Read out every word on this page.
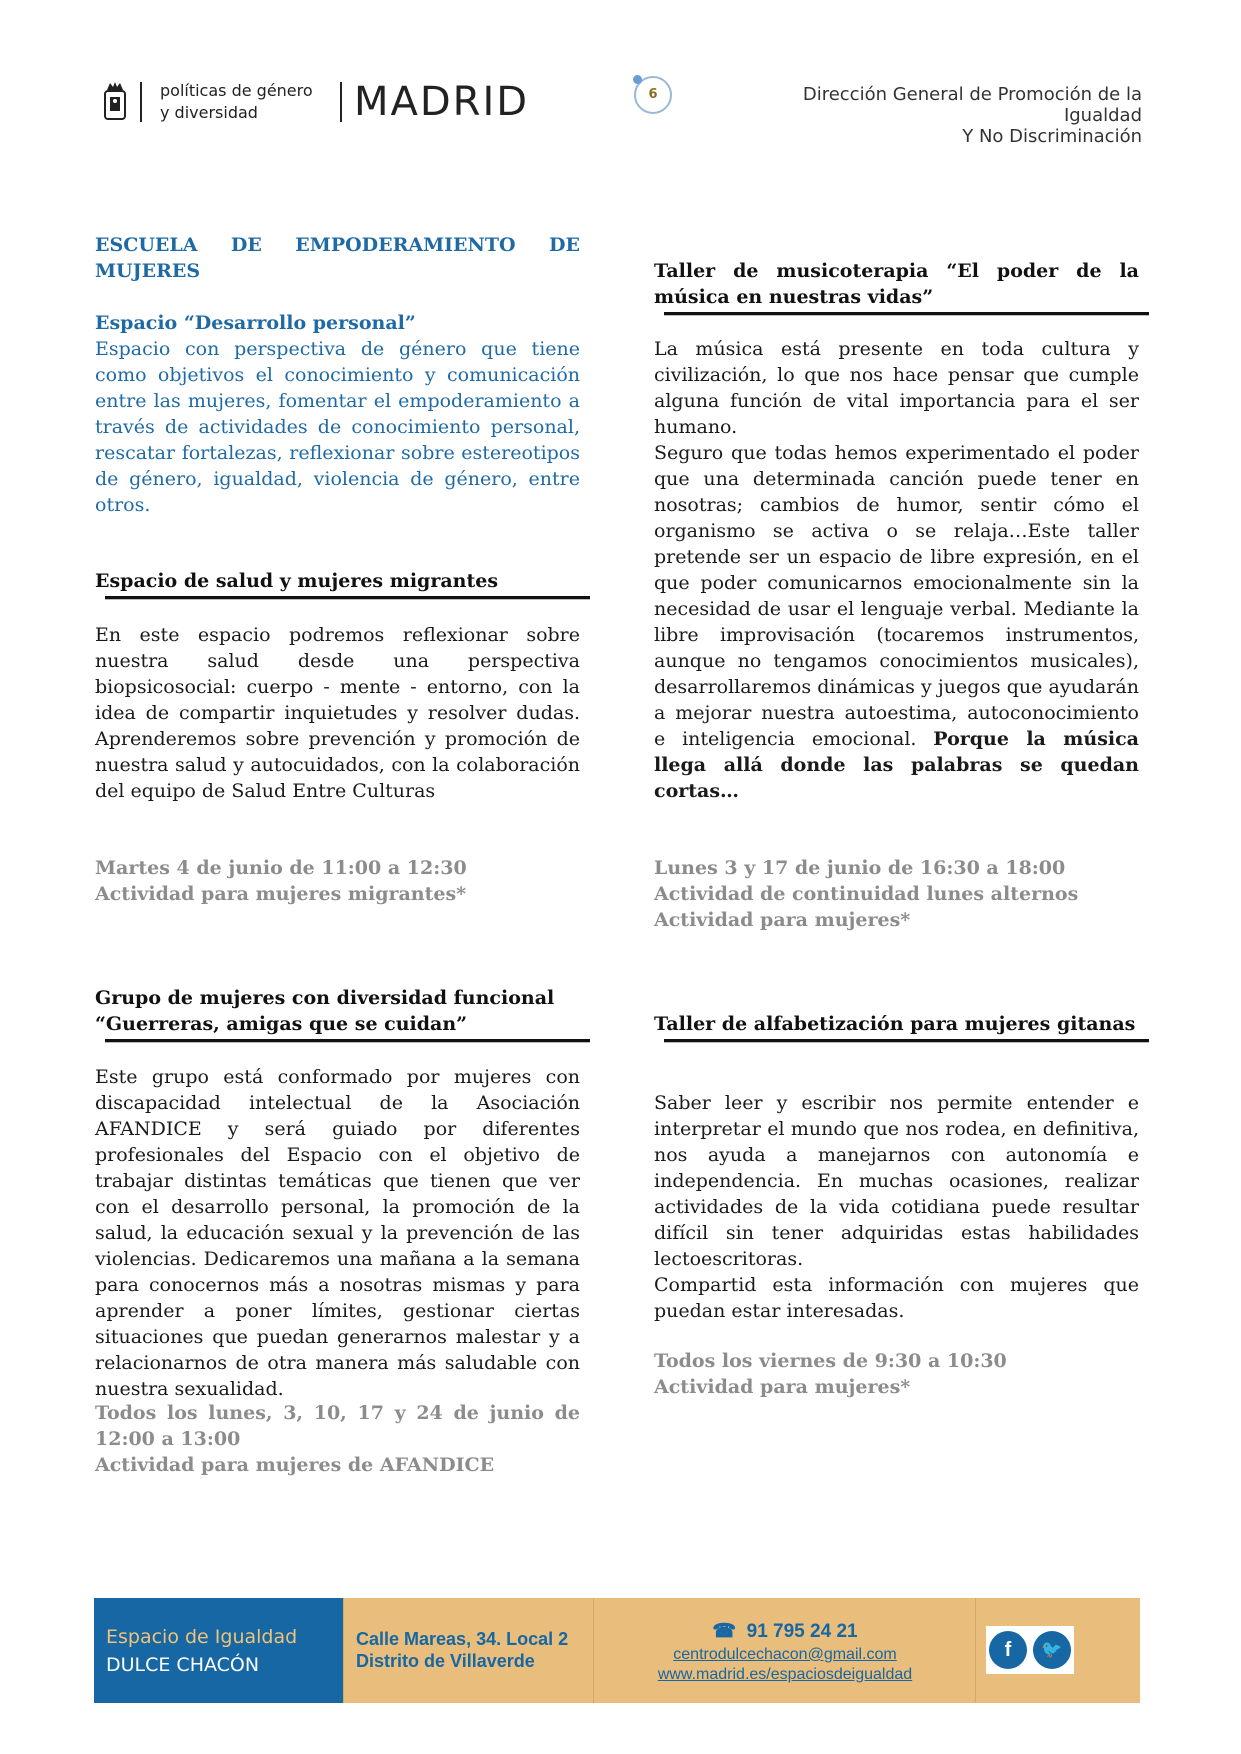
políticas de género
y diversidad	MADRID	6	Dirección General de Promoción de la
Igualdad
Y No Discriminación
ESCUELA DE EMPODERAMIENTO DE
MUJERES
Espacio “Desarrollo personal”
Espacio con perspectiva de género que tiene como objetivos el conocimiento y comunicación entre las mujeres, fomentar el empoderamiento a través de actividades de conocimiento personal, rescatar fortalezas, reflexionar sobre estereotipos de género, igualdad, violencia de género, entre otros.
Espacio de salud y mujeres migrantes
En este espacio podremos reflexionar sobre nuestra salud desde una perspectiva biopsicosocial: cuerpo - mente - entorno, con la idea de compartir inquietudes y resolver dudas. Aprenderemos sobre prevención y promoción de nuestra salud y autocuidados, con la colaboración del equipo de Salud Entre Culturas
Martes 4 de junio de 11:00 a 12:30
Actividad para mujeres migrantes*
Grupo de mujeres con diversidad funcional
“Guerreras, amigas que se cuidan”
Este grupo está conformado por mujeres con discapacidad intelectual de la Asociación AFANDICE y será guiado por diferentes profesionales del Espacio con el objetivo de trabajar distintas temáticas que tienen que ver con el desarrollo personal, la promoción de la salud, la educación sexual y la prevención de las violencias. Dedicaremos una mañana a la semana para conocernos más a nosotras mismas y para aprender a poner límites, gestionar ciertas situaciones que puedan generarnos malestar y a relacionarnos de otra manera más saludable con nuestra sexualidad.
Todos los lunes, 3, 10, 17 y 24 de junio de 12:00 a 13:00
Actividad para mujeres de AFANDICE
Taller de musicoterapia “El poder de la música en nuestras vidas”
La música está presente en toda cultura y civilización, lo que nos hace pensar que cumple alguna función de vital importancia para el ser humano.
Seguro que todas hemos experimentado el poder que una determinada canción puede tener en nosotras; cambios de humor, sentir cómo el organismo se activa o se relaja…Este taller pretende ser un espacio de libre expresión, en el que poder comunicarnos emocionalmente sin la necesidad de usar el lenguaje verbal. Mediante la libre improvisación (tocaremos instrumentos, aunque no tengamos conocimientos musicales), desarrollaremos dinámicas y juegos que ayudarán a mejorar nuestra autoestima, autoconocimiento e inteligencia emocional. Porque la música llega allá donde las palabras se quedan cortas…
Lunes 3 y 17 de junio de 16:30 a 18:00
Actividad de continuidad lunes alternos
Actividad para mujeres*
Taller de alfabetización para mujeres gitanas
Saber leer y escribir nos permite entender e interpretar el mundo que nos rodea, en definitiva, nos ayuda a manejarnos con autonomía e independencia. En muchas ocasiones, realizar actividades de la vida cotidiana puede resultar difícil sin tener adquiridas estas habilidades lectoescritoras.
Compartid esta información con mujeres que puedan estar interesadas.
Todos los viernes de 9:30 a 10:30
Actividad para mujeres*
Espacio de Igualdad
DULCE CHACÓN
Calle Mareas, 34. Local 2
Distrito de Villaverde
☎ 91 795 24 21
centrodulcechacon@gmail.com
www.madrid.es/espaciosdeigualdad
f	🐦
